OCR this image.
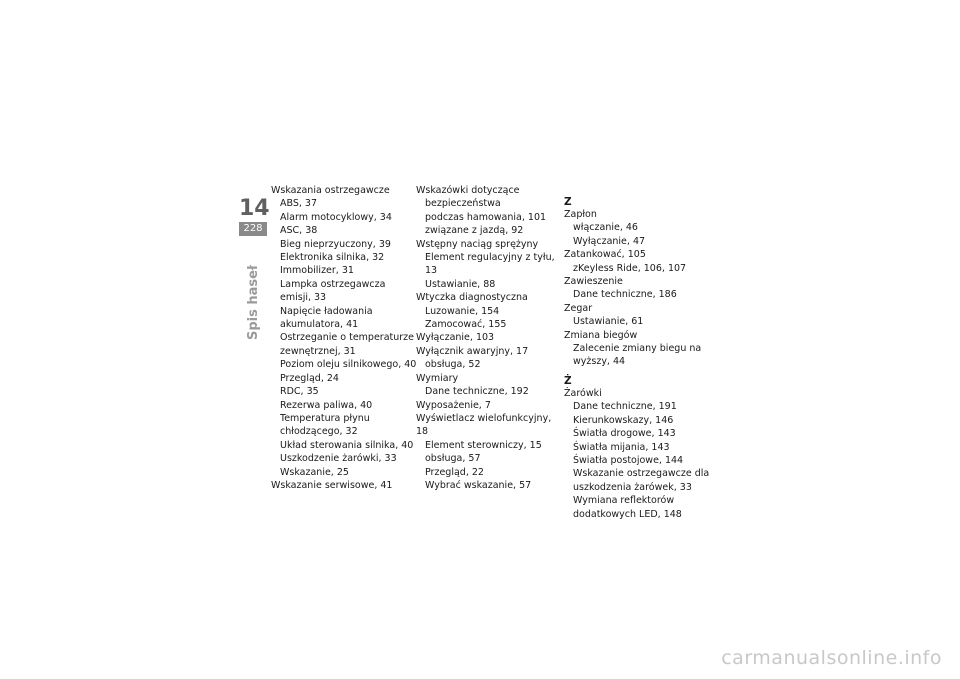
14
228
Spis haseł
Wskazania ostrzegawcze
ABS, 37
Alarm motocyklowy, 34
ASC, 38
Bieg nieprzyuczony, 39
Elektronika silnika, 32
Immobilizer, 31
Lampka ostrzegawcza
emisji, 33
Napięcie ładowania
akumulatora, 41
Ostrzeganie o temperaturze
zewnętrznej, 31
Poziom oleju silnikowego, 40
Przegląd, 24
RDC, 35
Rezerwa paliwa, 40
Temperatura płynu
chłodzącego, 32
Układ sterowania silnika, 40
Uszkodzenie żarówki, 33
Wskazanie, 25
Wskazanie serwisowe, 41
Wskazówki dotyczące
bezpieczeństwa
podczas hamowania, 101
związane z jazdą, 92
Wstępny naciąg sprężyny
Element regulacyjny z tyłu, 13
Ustawianie, 88
Wtyczka diagnostyczna
Luzowanie, 154
Zamocować, 155
Wyłączanie, 103
Wyłącznik awaryjny, 17
obsługa, 52
Wymiary
Dane techniczne, 192
Wyposażenie, 7
Wyświetlacz wielofunkcyjny, 18
Element sterowniczy, 15
obsługa, 57
Przegląd, 22
Wybrać wskazanie, 57
Z
Zapłon
włączanie, 46
Wyłączanie, 47
Zatankować, 105
zKeyless Ride, 106, 107
Zawieszenie
Dane techniczne, 186
Zegar
Ustawianie, 61
Zmiana biegów
Zalecenie zmiany biegu na
wyższy, 44
Ż
Żarówki
Dane techniczne, 191
Kierunkowskazy, 146
Światła drogowe, 143
Światła mijania, 143
Światła postojowe, 144
Wskazanie ostrzegawcze dla
uszkodzenia żarówek, 33
Wymiana reflektorów
dodatkowych LED, 148
carmanualsonline.info
